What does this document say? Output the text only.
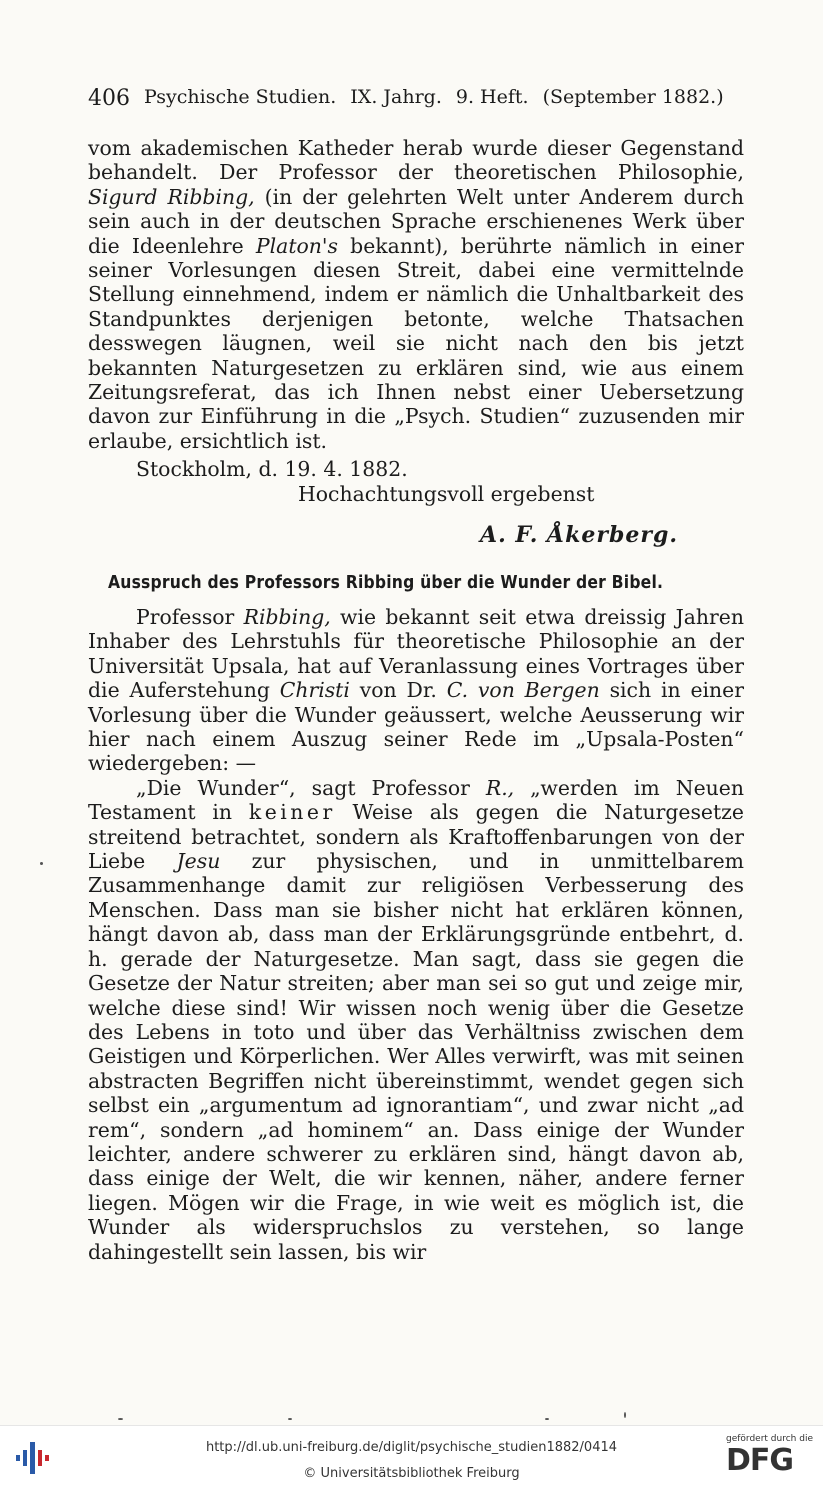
406 Psychische Studien. IX. Jahrg. 9. Heft. (September 1882.)

vom akademischen Katheder herab wurde dieser Gegenstand behandelt. Der Professor der theoretischen Philosophie, Sigurd Ribbing, (in der gelehrten Welt unter Anderem durch sein auch in der deutschen Sprache erschienenes Werk über die Ideenlehre Platon's bekannt), berührte nämlich in einer seiner Vorlesungen diesen Streit, dabei eine vermittelnde Stellung einnehmend, indem er nämlich die Unhaltbarkeit des Standpunktes derjenigen betonte, welche Thatsachen desswegen läugnen, weil sie nicht nach den bis jetzt bekannten Naturgesetzen zu erklären sind, wie aus einem Zeitungsreferat, das ich Ihnen nebst einer Uebersetzung davon zur Einführung in die „Psych. Studien“ zuzusenden mir erlaube, ersichtlich ist.

Stockholm, d. 19. 4. 1882.
Hochachtungsvoll ergebenst
A. F. Åkerberg.
Ausspruch des Professors Ribbing über die Wunder der Bibel.

Professor Ribbing, wie bekannt seit etwa dreissig Jahren Inhaber des Lehrstuhls für theoretische Philosophie an der Universität Upsala, hat auf Veranlassung eines Vortrages über die Auferstehung Christi von Dr. C. von Bergen sich in einer Vorlesung über die Wunder geäussert, welche Aeusserung wir hier nach einem Auszug seiner Rede im „Upsala-Posten“ wiedergeben: —

„Die Wunder“, sagt Professor R., „werden im Neuen Testament in keiner Weise als gegen die Naturgesetze streitend betrachtet, sondern als Kraftoffenbarungen von der Liebe Jesu zur physischen, und in unmittelbarem Zusammenhange damit zur religiösen Verbesserung des Menschen. Dass man sie bisher nicht hat erklären können, hängt davon ab, dass man der Erklärungsgründe entbehrt, d. h. gerade der Naturgesetze. Man sagt, dass sie gegen die Gesetze der Natur streiten; aber man sei so gut und zeige mir, welche diese sind! Wir wissen noch wenig über die Gesetze des Lebens in toto und über das Verhältniss zwischen dem Geistigen und Körperlichen. Wer Alles verwirft, was mit seinen abstracten Begriffen nicht übereinstimmt, wendet gegen sich selbst ein „argumentum ad ignorantiam“, und zwar nicht „ad rem“, sondern „ad hominem“ an. Dass einige der Wunder leichter, andere schwerer zu erklären sind, hängt davon ab, dass einige der Welt, die wir kennen, näher, andere ferner liegen. Mögen wir die Frage, in wie weit es möglich ist, die Wunder als widerspruchslos zu verstehen, so lange dahingestellt sein lassen, bis wir

http://dl.ub.uni-freiburg.de/diglit/psychische_studien1882/0414
© Universitätsbibliothek Freiburg
gefördert durch die
DFG
